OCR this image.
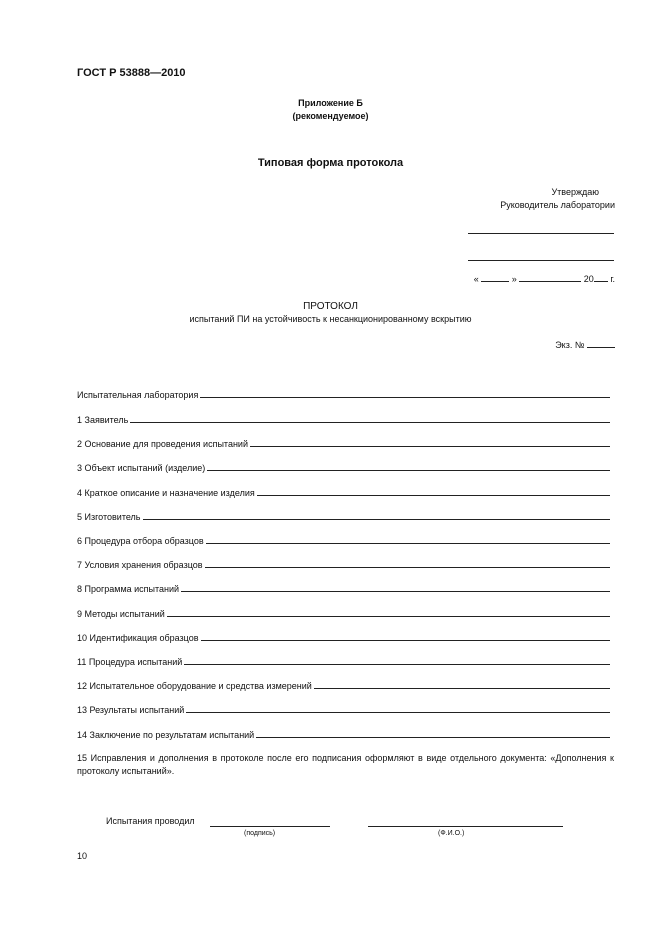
ГОСТ Р 53888—2010
Приложение Б
(рекомендуемое)
Типовая форма протокола
Утверждаю
Руководитель лаборатории
«	»	20 г.
ПРОТОКОЛ
испытаний ПИ на устойчивость к несанкционированному вскрытию
Экз. №
Испытательная лаборатория
1 Заявитель
2 Основание для проведения испытаний
3 Объект испытаний (изделие)
4 Краткое описание и назначение изделия
5 Изготовитель
6 Процедура отбора образцов
7 Условия хранения образцов
8 Программа испытаний
9 Методы испытаний
10 Идентификация образцов
11 Процедура испытаний
12 Испытательное оборудование и средства измерений
13 Результаты испытаний
14 Заключение по результатам испытаний
15 Исправления и дополнения в протоколе после его подписания оформляют в виде отдельного документа: «Дополнения к протоколу испытаний».
Испытания проводил
(подпись)	(Ф.И.О.)
10
